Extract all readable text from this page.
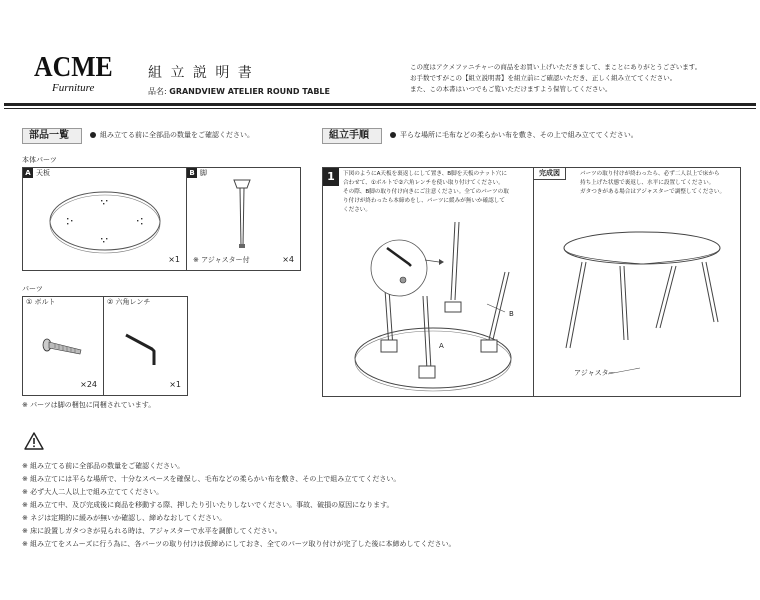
ACME
Furniture
組 立 説 明 書
品名: GRANDVIEW ATELIER ROUND TABLE
この度はアクメファニチャーの商品をお買い上げいただきまして、まことにありがとうございます。
お手数ですがこの【組立説明書】を組立前にご確認いただき、正しく組み立ててください。
また、この本書はいつでもご覧いただけますよう保管してください。
部品一覧	組み立てる前に全部品の数量をご確認ください。
本体パーツ
A 天板
×1
B 脚
※ アジャスター付	×4
パーツ
① ボルト
×24
② 六角レンチ
×1
※ パーツは脚の梱包に同梱されています。
組立手順	平らな場所に毛布などの柔らかい布を敷き、その上で組み立ててください。
1	下図のようにA天板を裏返しにして置き、B脚を天板のナット穴に
合わせて、①ボルトで②六角レンチを使い取り付けてください。
その際、B脚の取り付け向きにご注意ください。全てのパーツの取
り付けが終わったら本締めをし、パーツに緩みが無いか確認して
ください。
B
A
完成図	パーツの取り付けが終わったら、必ず二人以上で床から
持ち上げた状態で裏返し、水平に設置してください。
ガタつきがある場合はアジャスターで調整してください。
アジャスター
※ 組み立てる前に全部品の数量をご確認ください。
※ 組み立てには平らな場所で、十分なスペースを確保し、毛布などの柔らかい布を敷き、その上で組み立ててください。
※ 必ず大人二人以上で組み立ててください。
※ 組み立て中、及び完成後に商品を移動する際、押したり引いたりしないでください。事故、破損の原因になります。
※ ネジは定期的に緩みが無いか確認し、締めなおしてください。
※ 床に設置しガタつきが見られる時は、アジャスターで水平を調節してください。
※ 組み立てをスムーズに行う為に、各パーツの取り付けは仮締めにしておき、全てのパーツ取り付けが完了した後に本締めしてください。
